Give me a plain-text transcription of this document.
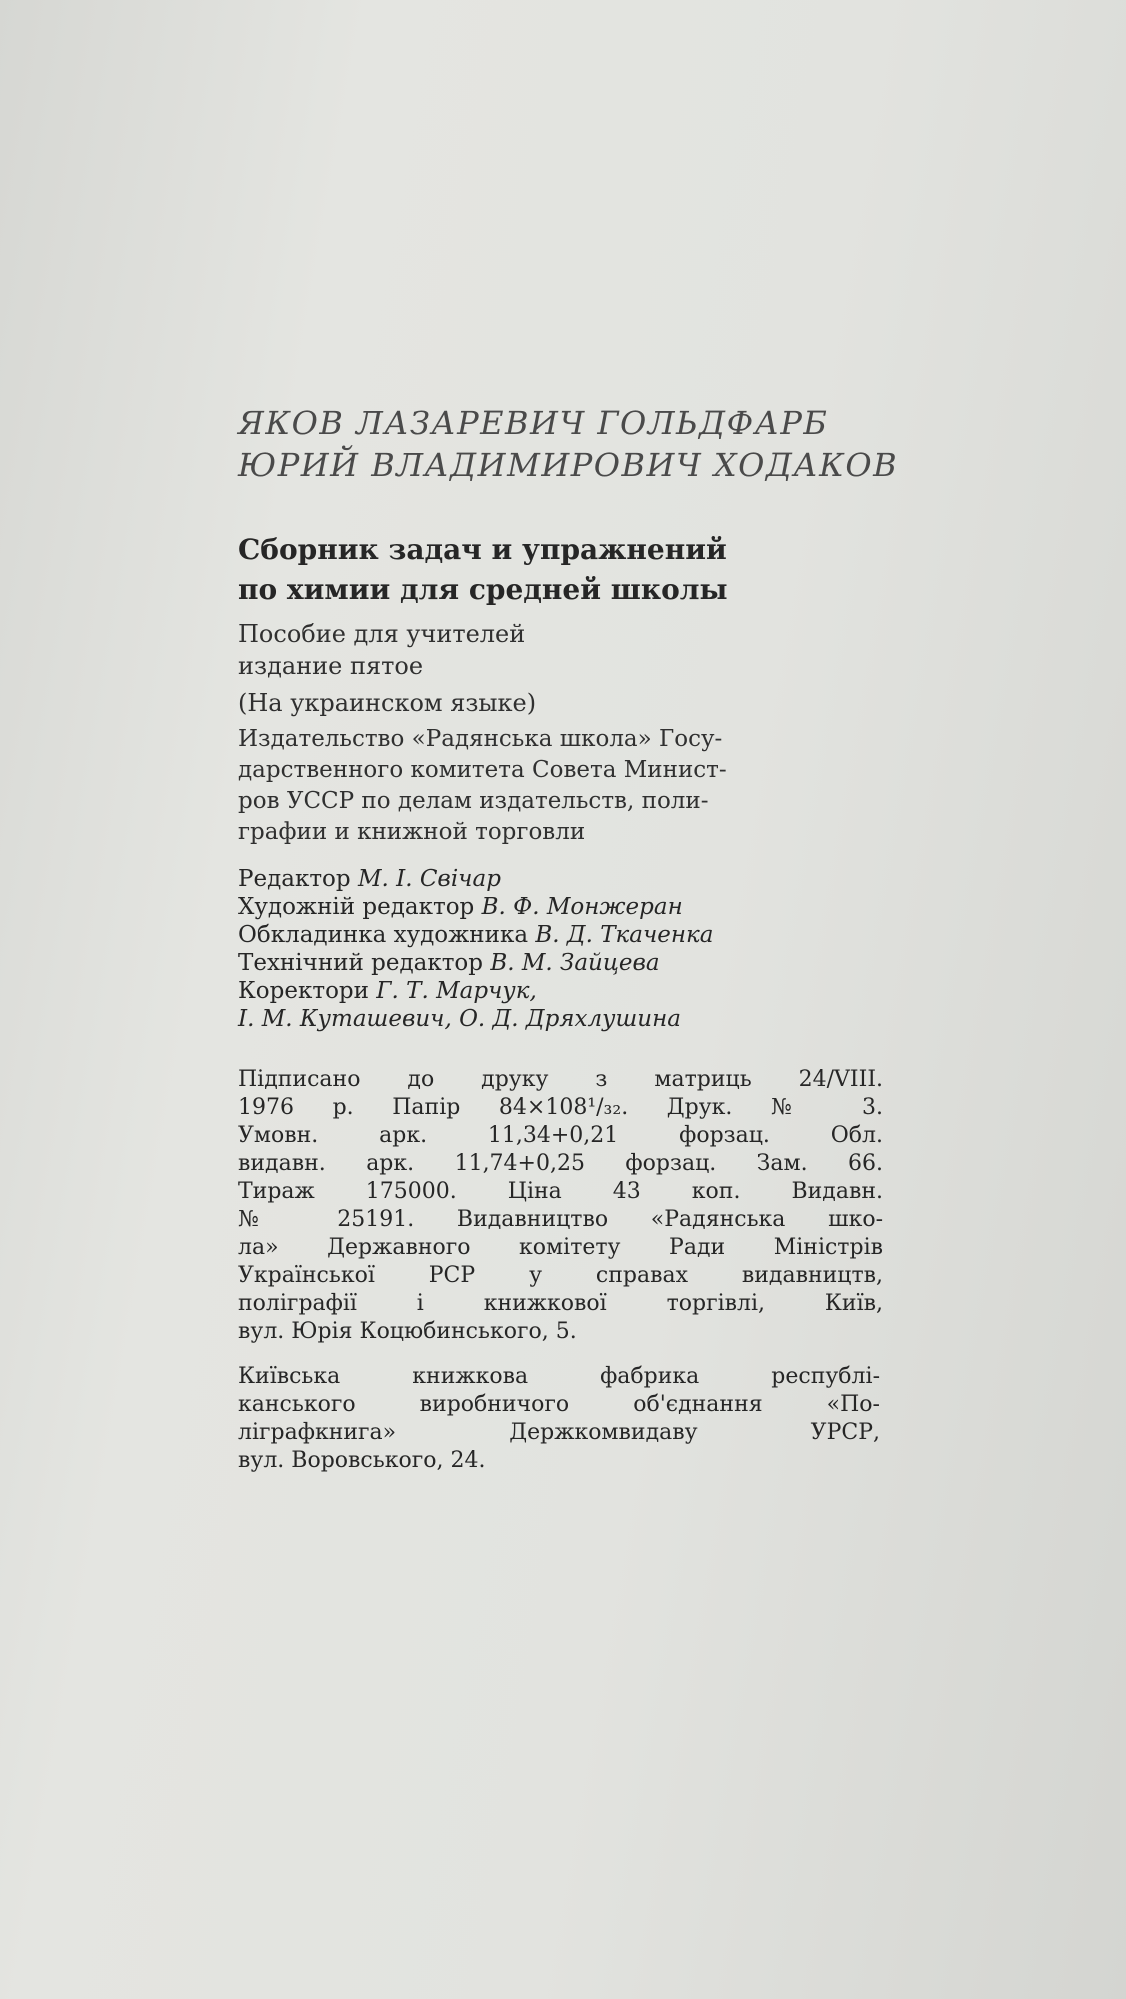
ЯКОВ ЛАЗАРЕВИЧ ГОЛЬДФАРБ
ЮРИЙ ВЛАДИМИРОВИЧ ХОДАКОВ
Сборник задач и упражнений
по химии для средней школы
Пособие для учителей
издание пятое
(На украинском языке)
Издательство «Радянська школа» Госу-
дарственного комитета Совета Минист-
ров УССР по делам издательств, поли-
графии и книжной торговли
Редактор М. І. Свічар
Художній редактор В. Ф. Монжеран
Обкладинка художника В. Д. Ткаченка
Технічний редактор В. М. Зайцева
Коректори Г. Т. Марчук,
І. М. Куташевич, О. Д. Дряхлушина
Підписано до друку з матриць 24/VIII.
1976 р. Папір 84×108¹/₃₂. Друк. № 3.
Умовн. арк. 11,34+0,21 форзац. Обл.
видавн. арк. 11,74+0,25 форзац. Зам. 66.
Тираж 175000. Ціна 43 коп. Видавн.
№ 25191. Видавництво «Радянська шко-
ла» Державного комітету Ради Міністрів
Української РСР у справах видавництв,
поліграфії і книжкової торгівлі, Київ,
вул. Юрія Коцюбинського, 5.
Київська книжкова фабрика республі-
канського виробничого об'єднання «По-
ліграфкнига» Держкомвидаву УРСР,
вул. Воровського, 24.
